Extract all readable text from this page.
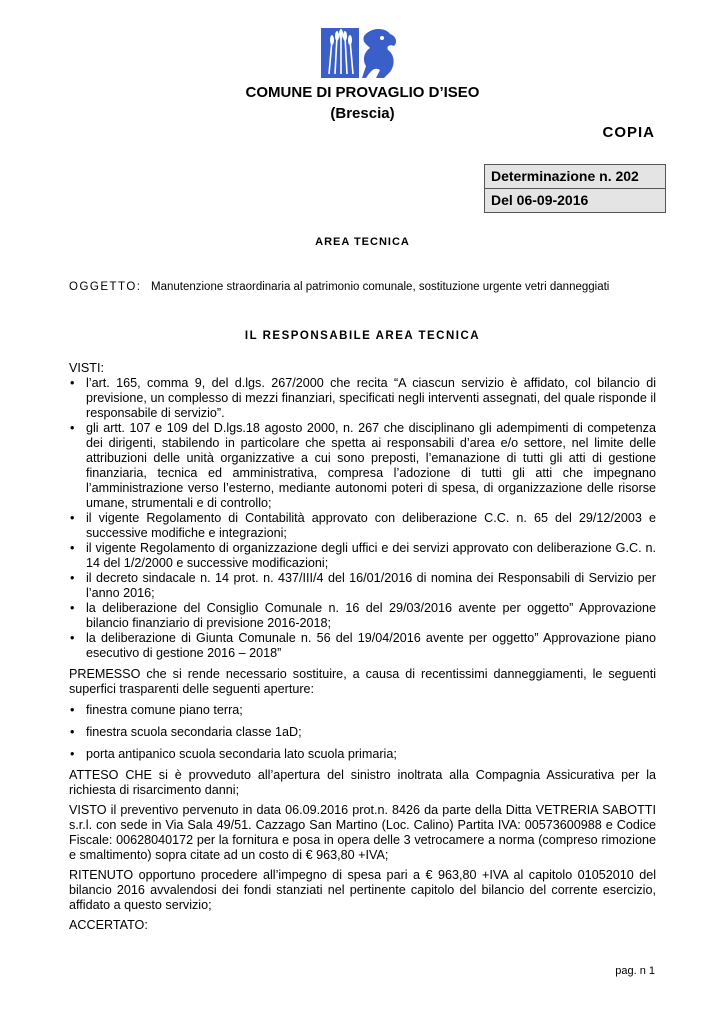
COMUNE DI PROVAGLIO D’ISEO
(Brescia)
COPIA
Determinazione n. 202
Del 06-09-2016
AREA TECNICA
OGGETTO: Manutenzione straordinaria al patrimonio comunale, sostituzione urgente vetri danneggiati
IL RESPONSABILE AREA TECNICA

VISTI:

• l’art. 165, comma 9, del d.lgs. 267/2000 che recita “A ciascun servizio è affidato, col bilancio di previsione, un complesso di mezzi finanziari, specificati negli interventi assegnati, del quale risponde il responsabile di servizio”.
• gli artt. 107 e 109 del D.lgs.18 agosto 2000, n. 267 che disciplinano gli adempimenti di competenza dei dirigenti, stabilendo in particolare che spetta ai responsabili d’area e/o settore, nel limite delle attribuzioni delle unità organizzative a cui sono preposti, l’emanazione di tutti gli atti di gestione finanziaria, tecnica ed amministrativa, compresa l’adozione di tutti gli atti che impegnano l’amministrazione verso l’esterno, mediante autonomi poteri di spesa, di organizzazione delle risorse umane, strumentali e di controllo;
• il vigente Regolamento di Contabilità approvato con deliberazione C.C. n. 65 del 29/12/2003 e successive modifiche e integrazioni;
• il vigente Regolamento di organizzazione degli uffici e dei servizi approvato con deliberazione G.C. n. 14 del 1/2/2000 e successive modificazioni;
• il decreto sindacale n. 14 prot. n. 437/III/4 del 16/01/2016 di nomina dei Responsabili di Servizio per l’anno 2016;
• la deliberazione del Consiglio Comunale n. 16 del 29/03/2016 avente per oggetto” Approvazione bilancio finanziario di previsione 2016-2018;
• la deliberazione di Giunta Comunale n. 56 del 19/04/2016 avente per oggetto” Approvazione piano esecutivo di gestione 2016 – 2018”

PREMESSO che si rende necessario sostituire, a causa di recentissimi danneggiamenti, le seguenti superfici trasparenti delle seguenti aperture:

• finestra comune piano terra;
• finestra scuola secondaria classe 1aD;
• porta antipanico scuola secondaria lato scuola primaria;

ATTESO CHE si è provveduto all’apertura del sinistro inoltrata alla Compagnia Assicurativa per la richiesta di risarcimento danni;

VISTO il preventivo pervenuto in data 06.09.2016 prot.n. 8426 da parte della Ditta VETRERIA SABOTTI s.r.l. con sede in Via Sala 49/51. Cazzago San Martino (Loc. Calino) Partita IVA: 00573600988 e Codice Fiscale: 00628040172 per la fornitura e posa in opera delle 3 vetrocamere a norma (compreso rimozione e smaltimento) sopra citate ad un costo di € 963,80 +IVA;

RITENUTO opportuno procedere all’impegno di spesa pari a € 963,80 +IVA al capitolo 01052010 del bilancio 2016 avvalendosi dei fondi stanziati nel pertinente capitolo del bilancio del corrente esercizio, affidato a questo servizio;

ACCERTATO:

pag. n 1
